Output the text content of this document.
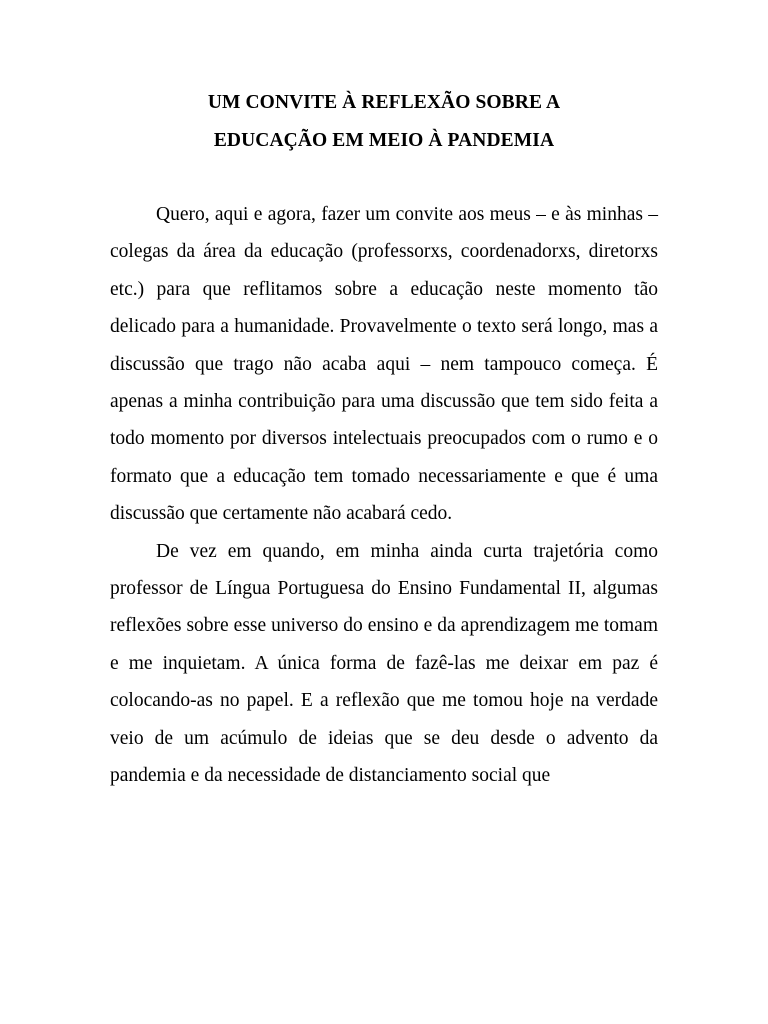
UM CONVITE À REFLEXÃO SOBRE A
EDUCAÇÃO EM MEIO À PANDEMIA

Quero, aqui e agora, fazer um convite aos meus – e às minhas – colegas da área da educação (professorxs, coordenadorxs, diretorxs etc.) para que reflitamos sobre a educação neste momento tão delicado para a humanidade. Provavelmente o texto será longo, mas a discussão que trago não acaba aqui – nem tampouco começa. É apenas a minha contribuição para uma discussão que tem sido feita a todo momento por diversos intelectuais preocupados com o rumo e o formato que a educação tem tomado necessariamente e que é uma discussão que certamente não acabará cedo.

De vez em quando, em minha ainda curta trajetória como professor de Língua Portuguesa do Ensino Fundamental II, algumas reflexões sobre esse universo do ensino e da aprendizagem me tomam e me inquietam. A única forma de fazê-las me deixar em paz é colocando-as no papel. E a reflexão que me tomou hoje na verdade veio de um acúmulo de ideias que se deu desde o advento da pandemia e da necessidade de distanciamento social que
